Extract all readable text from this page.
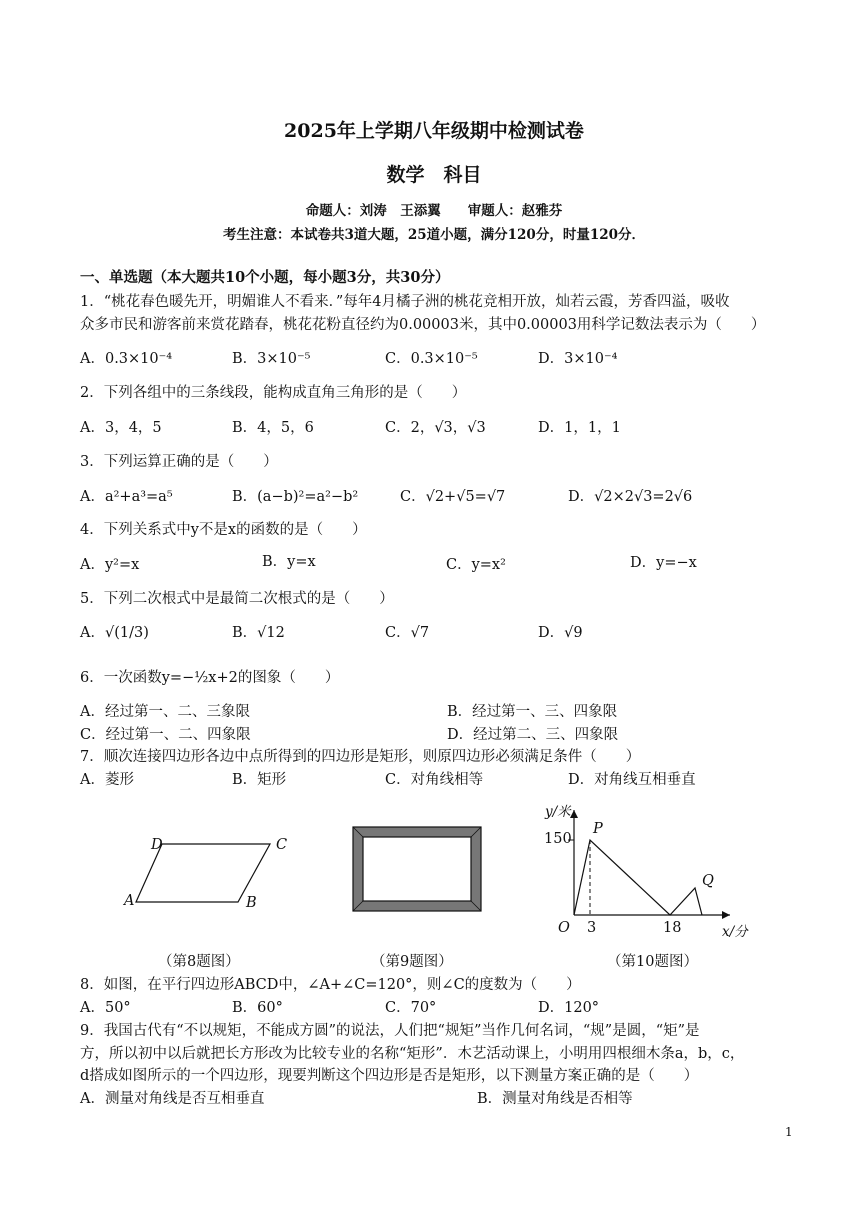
2025年上学期八年级期中检测试卷
数学　科目
命题人：刘涛　王添翼　　审题人：赵雅芬
考生注意：本试卷共3道大题，25道小题，满分120分，时量120分．
一、单选题（本大题共10个小题，每小题3分，共30分）
1．“桃花春色暖先开，明媚谁人不看来．”每年4月橘子洲的桃花竞相开放，灿若云霞，芳香四溢，吸收
众多市民和游客前来赏花踏春，桃花花粉直径约为0.00003米，其中0.00003用科学记数法表示为（　　）
A．0.3×10⁻⁴	B．3×10⁻⁵	C．0.3×10⁻⁵	D．3×10⁻⁴
2．下列各组中的三条线段，能构成直角三角形的是（　　）
A．3，4，5	B．4，5，6	C．2，√3，√3	D．1，1，1
3．下列运算正确的是（　　）
A．a²+a³=a⁵	B．(a−b)²=a²−b²	C．√2+√5=√7	D．√2×2√3=2√6
4．下列关系式中y不是x的函数的是（　　）
A．y²=x	B．y=x	C．y=x²	D．y=−x
5．下列二次根式中是最简二次根式的是（　　）
A．√(1/3)	B．√12	C．√7	D．√9
6．一次函数y=−½x+2的图象（　　）
A．经过第一、二、三象限	B．经过第一、三、四象限
C．经过第一、二、四象限	D．经过第二、三、四象限
7．顺次连接四边形各边中点所得到的四边形是矩形，则原四边形必须满足条件（　　）
A．菱形	B．矩形	C．对角线相等	D．对角线互相垂直
D	C
A	B
（第8题图）	（第9题图）
y/米
150
P
Q
O 3	18	x/分
（第10题图）
8．如图，在平行四边形ABCD中，∠A+∠C=120°，则∠C的度数为（　　）
A．50°	B．60°	C．70°	D．120°
9．我国古代有“不以规矩，不能成方圆”的说法，人们把“规矩”当作几何名词，“规”是圆，“矩”是
方，所以初中以后就把长方形改为比较专业的名称“矩形”．木艺活动课上，小明用四根细木条a，b，c，
d搭成如图所示的一个四边形，现要判断这个四边形是否是矩形，以下测量方案正确的是（　　）
A．测量对角线是否互相垂直	B．测量对角线是否相等
1
